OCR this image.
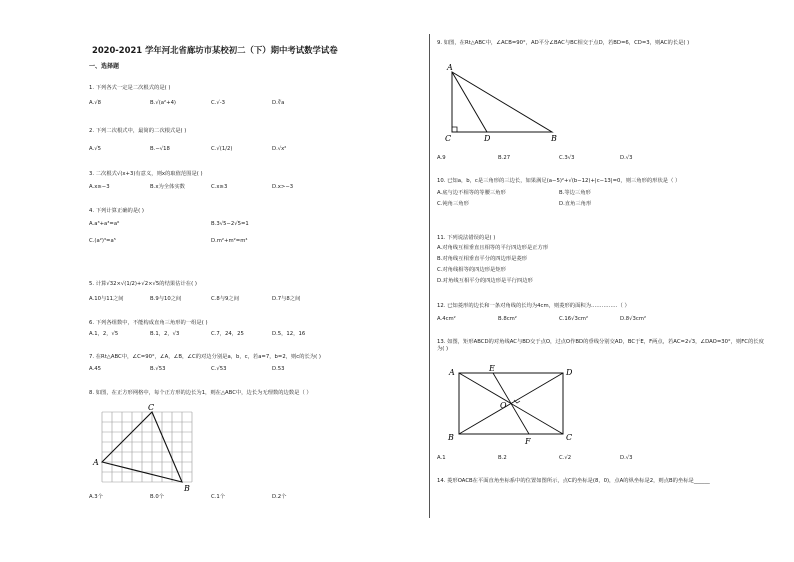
2020-2021 学年河北省廊坊市某校初二（下）期中考试数学试卷
一、选择题
1. 下列各式一定是二次根式的是( )
A.√8	B.√(a²+4)	C.√-3	D.∛a
2. 下列二次根式中，最简的二次根式是( )
A.√5	B.−√18	C.√(1/2)	D.√x²
3. 二次根式√(x+3)有意义，则x的取值范围是( )
A.x≥−3	B.x为全体实数	C.x≥3	D.x>−3
4. 下列计算正确的是( )
A.a³+a³=a⁶	B.3√5−2√5=1
C.(a²)³=a⁵	D.m²+m²=m⁴
5. 计算√32×√(1/2)+√2×√5的结果估计在( )
A.10与11之间	B.9与10之间	C.8与9之间	D.7与8之间
6. 下列各组数中，不能构成直角三角形的一组是( )
A.1，2，√5	B.1，2，√3	C.7，24，25	D.5，12，16
7. 在Rt△ABC中，∠C=90°，∠A，∠B，∠C的对边分别是a，b，c，若a=7，b=2，则c的长为( )
A.45	B.√53	C.√53	D.53
8. 如图，在正方形网格中，每个正方形的边长为1，则在△ABC中，边长为无理数的边数是（ ）
A
B
C
A.3个	B.0个	C.1个	D.2个
9. 如图，在Rt△ABC中，∠ACB=90°，AD平分∠BAC与BC相交于点D，若BD=6，CD=3，则AC的长是( )
A
B
C	D
A.9	B.27	C.3√3	D.√3
10. 已知a，b，c是三角形的三边长，如果满足(a−5)²+√(b−12)+|c−13|=0，则三角形的形状是（ ）
A.底与边不相等的等腰三角形	B.等边三角形
C.钝角三角形	D.直角三角形
11. 下列说法错误的是( )
A.对角线互相垂直且相等的平行四边形是正方形
B.对角线互相垂直平分的四边形是菱形
C.对角线相等的四边形是矩形
D.对角线互相平分的四边形是平行四边形
12. 已知菱形的边长和一条对角线的长均为4cm，则菱形的面积为……………（ ）
A.4cm²	B.8cm²	C.16√3cm²	D.8√3cm²
13. 如图，矩形ABCD的对角线AC与BD交于点O，过点O作BD的垂线分别交AD，BC于E，F两点，若AC=2√3，∠DAO=30°，则FC的长度为( )
A
B	C
D
E
F
O
A.1	B.2	C.√2	D.√3
14. 菱形OACB在平面直角坐标系中的位置如图所示，点C的坐标是(8，0)，点A的纵坐标是2，则点B的坐标是______
